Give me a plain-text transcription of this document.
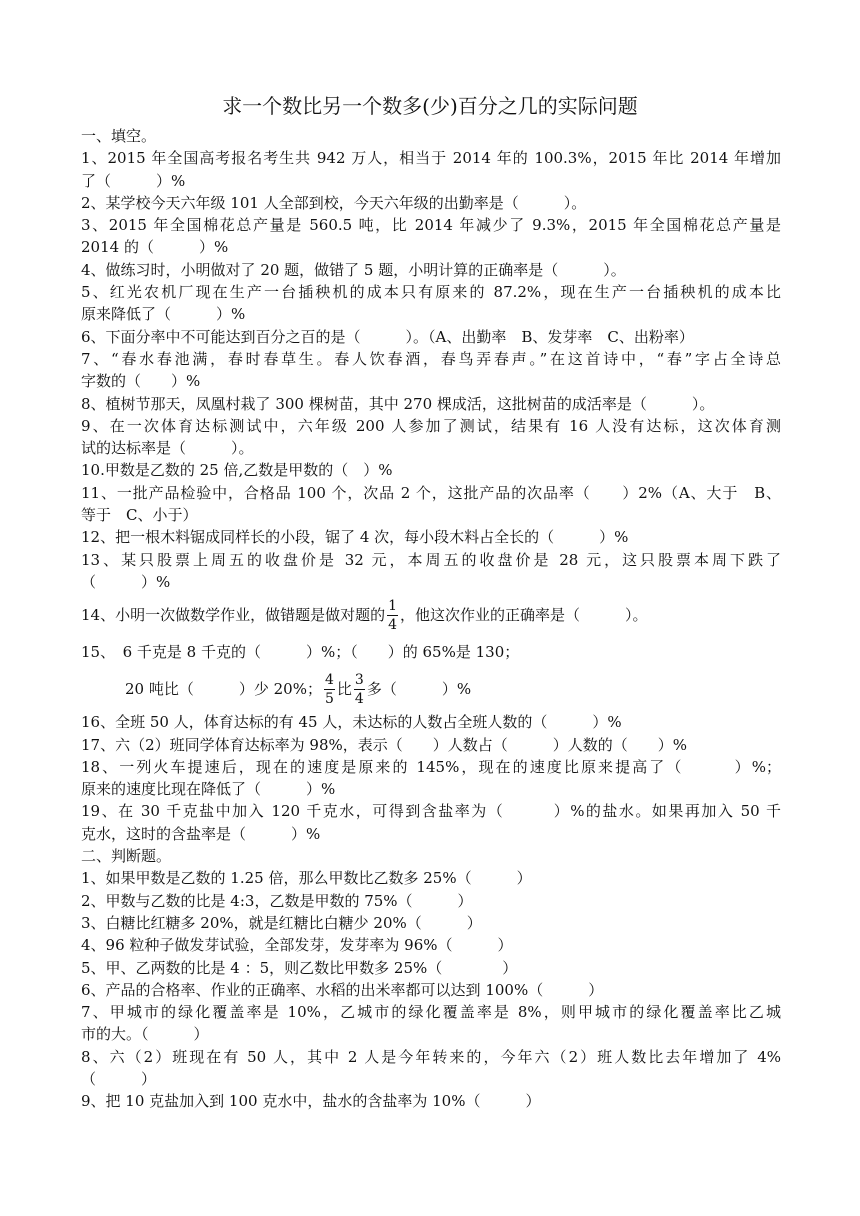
求一个数比另一个数多(少)百分之几的实际问题
一、填空。
1、2015 年全国高考报名考生共 942 万人，相当于 2014 年的 100.3%，2015 年比 2014 年增加
了（　　　）%
2、某学校今天六年级 101 人全部到校，今天六年级的出勤率是（　　　）。
3、2015 年全国棉花总产量是 560.5 吨，比 2014 年减少了 9.3%，2015 年全国棉花总产量是
2014 的（　　　）%
4、做练习时，小明做对了 20 题，做错了 5 题，小明计算的正确率是（　　　）。
5、红光农机厂现在生产一台插秧机的成本只有原来的 87.2%，现在生产一台插秧机的成本比
原来降低了（　　　）%
6、下面分率中不可能达到百分之百的是（　　　）。（A、出勤率　B、发芽率　C、出粉率）
7、“春水春池满，春时春草生。春人饮春酒，春鸟弄春声。”在这首诗中，“春”字占全诗总
字数的（　　）%
8、植树节那天，凤凰村栽了 300 棵树苗，其中 270 棵成活，这批树苗的成活率是（　　　）。
9、在一次体育达标测试中，六年级 200 人参加了测试，结果有 16 人没有达标，这次体育测
试的达标率是（　　　）。
10.甲数是乙数的 25 倍,乙数是甲数的（　）%
11、一批产品检验中，合格品 100 个，次品 2 个，这批产品的次品率（　　）2%（A、大于　B、
等于　C、小于）
12、把一根木料锯成同样长的小段，锯了 4 次，每小段木料占全长的（　　　）%
13、某只股票上周五的收盘价是 32 元，本周五的收盘价是 28 元，这只股票本周下跌了
（　　　）%
14、小明一次做数学作业，做错题是做对题的 $\frac{1}{4}$ ，他这次作业的正确率是（　　　）。
15、　6 千克是 8 千克的（　　　）%；（　　）的 65%是 130；
20 吨比（　　　）少 20%； $\frac{4}{5}$ 比 $\frac{3}{4}$ 多（　　　）%
16、全班 50 人，体育达标的有 45 人，未达标的人数占全班人数的（　　　）%
17、六（2）班同学体育达标率为 98%，表示（　　）人数占（　　　）人数的（　　）%
18、一列火车提速后，现在的速度是原来的 145%，现在的速度比原来提高了（　　　）%；
原来的速度比现在降低了（　　　）%
19、在 30 千克盐中加入 120 千克水，可得到含盐率为（　　　）%的盐水。如果再加入 50 千
克水，这时的含盐率是（　　　）%
二、判断题。
1、如果甲数是乙数的 1.25 倍，那么甲数比乙数多 25%（　　　）
2、甲数与乙数的比是 4:3，乙数是甲数的 75%（　　　）
3、白糖比红糖多 20%，就是红糖比白糖少 20%（　　　）
4、96 粒种子做发芽试验，全部发芽，发芽率为 96%（　　　）
5、甲、乙两数的比是 4 ：5，则乙数比甲数多 25%（　　　　）
6、产品的合格率、作业的正确率、水稻的出米率都可以达到 100%（　　　）
7、甲城市的绿化覆盖率是 10%，乙城市的绿化覆盖率是 8%，则甲城市的绿化覆盖率比乙城
市的大。（　　　）
8、六（2）班现在有 50 人，其中 2 人是今年转来的，今年六（2）班人数比去年增加了 4%
（　　　）
9、把 10 克盐加入到 100 克水中，盐水的含盐率为 10%（　　　）
